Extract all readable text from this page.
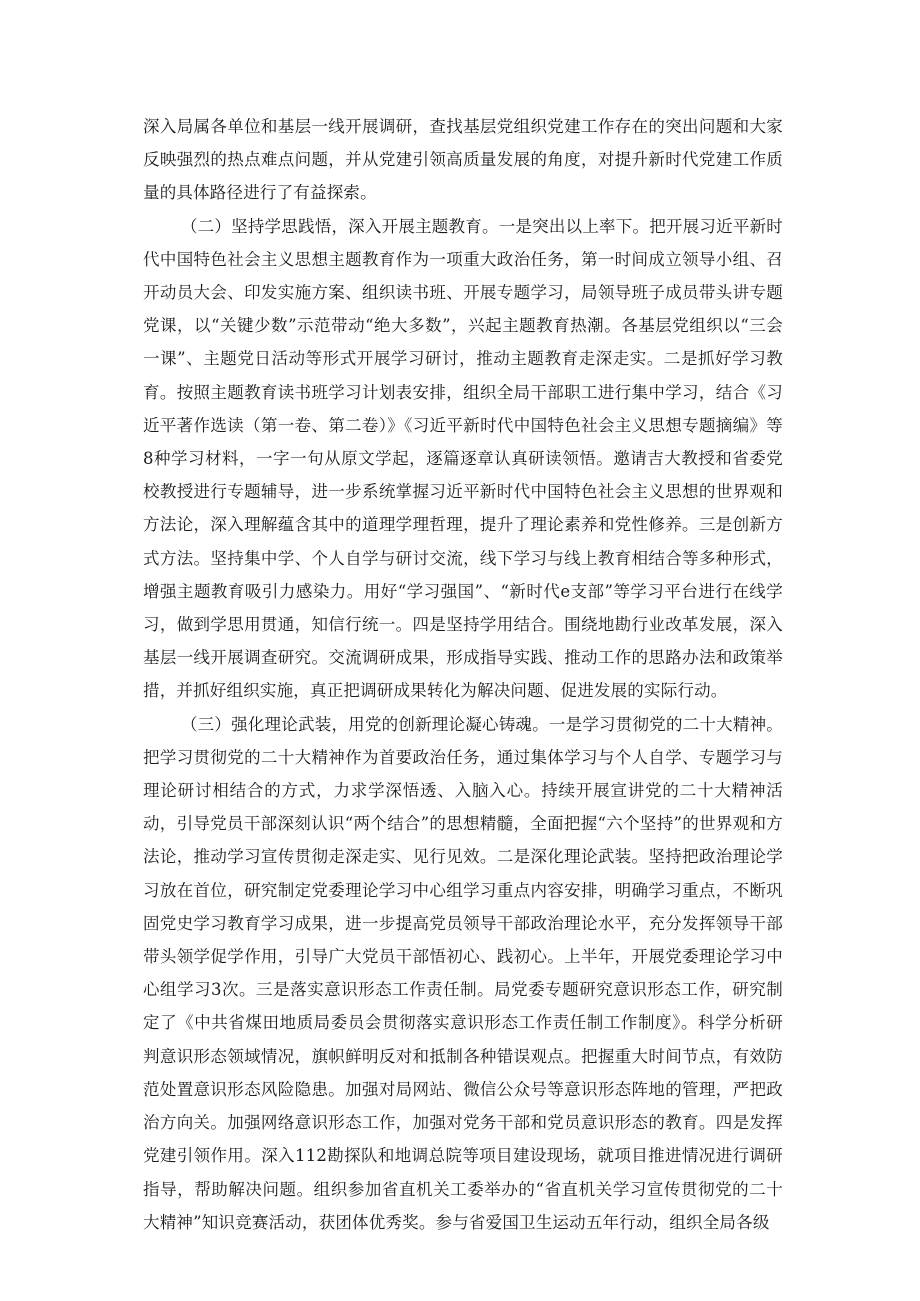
深入局属各单位和基层一线开展调研，查找基层党组织党建工作存在的突出问题和大家反映强烈的热点难点问题，并从党建引领高质量发展的角度，对提升新时代党建工作质量的具体路径进行了有益探索。

（二）坚持学思践悟，深入开展主题教育。一是突出以上率下。把开展习近平新时代中国特色社会主义思想主题教育作为一项重大政治任务，第一时间成立领导小组、召开动员大会、印发实施方案、组织读书班、开展专题学习，局领导班子成员带头讲专题党课，以“关键少数”示范带动“绝大多数”，兴起主题教育热潮。各基层党组织以“三会一课”、主题党日活动等形式开展学习研讨，推动主题教育走深走实。二是抓好学习教育。按照主题教育读书班学习计划表安排，组织全局干部职工进行集中学习，结合《习近平著作选读（第一卷、第二卷）》《习近平新时代中国特色社会主义思想专题摘编》等8种学习材料，一字一句从原文学起，逐篇逐章认真研读领悟。邀请吉大教授和省委党校教授进行专题辅导，进一步系统掌握习近平新时代中国特色社会主义思想的世界观和方法论，深入理解蕴含其中的道理学理哲理，提升了理论素养和党性修养。三是创新方式方法。坚持集中学、个人自学与研讨交流，线下学习与线上教育相结合等多种形式，增强主题教育吸引力感染力。用好“学习强国”、“新时代e支部”等学习平台进行在线学习，做到学思用贯通，知信行统一。四是坚持学用结合。围绕地勘行业改革发展，深入基层一线开展调查研究。交流调研成果，形成指导实践、推动工作的思路办法和政策举措，并抓好组织实施，真正把调研成果转化为解决问题、促进发展的实际行动。

（三）强化理论武装，用党的创新理论凝心铸魂。一是学习贯彻党的二十大精神。把学习贯彻党的二十大精神作为首要政治任务，通过集体学习与个人自学、专题学习与理论研讨相结合的方式，力求学深悟透、入脑入心。持续开展宣讲党的二十大精神活动，引导党员干部深刻认识“两个结合”的思想精髓，全面把握“六个坚持”的世界观和方法论，推动学习宣传贯彻走深走实、见行见效。二是深化理论武装。坚持把政治理论学习放在首位，研究制定党委理论学习中心组学习重点内容安排，明确学习重点，不断巩固党史学习教育学习成果，进一步提高党员领导干部政治理论水平，充分发挥领导干部带头领学促学作用，引导广大党员干部悟初心、践初心。上半年，开展党委理论学习中心组学习3次。三是落实意识形态工作责任制。局党委专题研究意识形态工作，研究制定了《中共省煤田地质局委员会贯彻落实意识形态工作责任制工作制度》。科学分析研判意识形态领域情况，旗帜鲜明反对和抵制各种错误观点。把握重大时间节点，有效防范处置意识形态风险隐患。加强对局网站、微信公众号等意识形态阵地的管理，严把政治方向关。加强网络意识形态工作，加强对党务干部和党员意识形态的教育。四是发挥党建引领作用。深入112勘探队和地调总院等项目建设现场，就项目推进情况进行调研指导，帮助解决问题。组织参加省直机关工委举办的“省直机关学习宣传贯彻党的二十大精神”知识竞赛活动，获团体优秀奖。参与省爱国卫生运动五年行动，组织全局各级
